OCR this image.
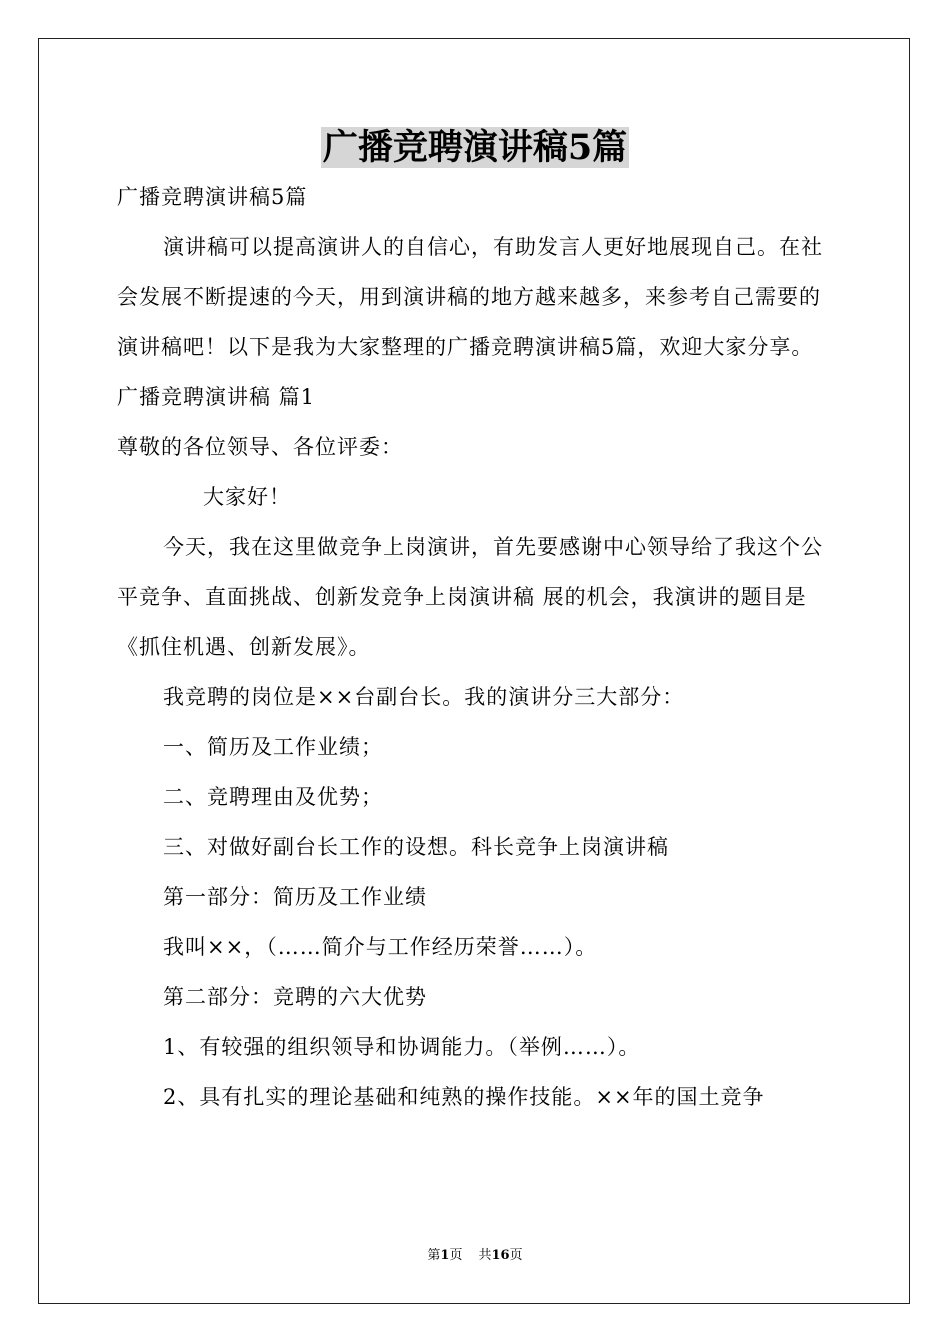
广播竞聘演讲稿5篇

广播竞聘演讲稿5篇

演讲稿可以提高演讲人的自信心，有助发言人更好地展现自己。在社会发展不断提速的今天，用到演讲稿的地方越来越多，来参考自己需要的演讲稿吧！以下是我为大家整理的广播竞聘演讲稿5篇，欢迎大家分享。

广播竞聘演讲稿 篇1

尊敬的各位领导、各位评委：

大家好！

今天，我在这里做竞争上岗演讲，首先要感谢中心领导给了我这个公平竞争、直面挑战、创新发竞争上岗演讲稿 展的机会，我演讲的题目是《抓住机遇、创新发展》。

我竞聘的岗位是××台副台长。我的演讲分三大部分：

一、简历及工作业绩；

二、竞聘理由及优势；

三、对做好副台长工作的设想。科长竞争上岗演讲稿

第一部分：简历及工作业绩

我叫××，（……简介与工作经历荣誉……）。

第二部分：竞聘的六大优势

1、有较强的组织领导和协调能力。（举例……）。

2、具有扎实的理论基础和纯熟的操作技能。××年的国土竞争

第1页 共16页
